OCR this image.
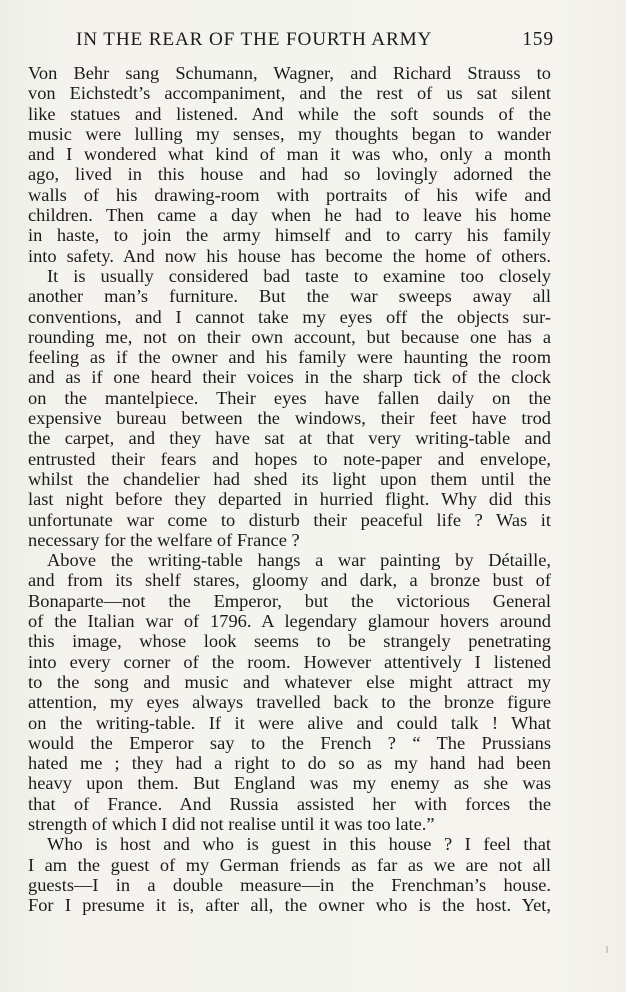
IN THE REAR OF THE FOURTH ARMY	159
Von Behr sang Schumann, Wagner, and Richard Strauss to
von Eichstedt’s accompaniment, and the rest of us sat silent
like statues and listened. And while the soft sounds of the
music were lulling my senses, my thoughts began to wander
and I wondered what kind of man it was who, only a month
ago, lived in this house and had so lovingly adorned the
walls of his drawing-room with portraits of his wife and
children. Then came a day when he had to leave his home
in haste, to join the army himself and to carry his family
into safety. And now his house has become the home of others.
It is usually considered bad taste to examine too closely
another man’s furniture. But the war sweeps away all
conventions, and I cannot take my eyes off the objects sur-
rounding me, not on their own account, but because one has a
feeling as if the owner and his family were haunting the room
and as if one heard their voices in the sharp tick of the clock
on the mantelpiece. Their eyes have fallen daily on the
expensive bureau between the windows, their feet have trod
the carpet, and they have sat at that very writing-table and
entrusted their fears and hopes to note-paper and envelope,
whilst the chandelier had shed its light upon them until the
last night before they departed in hurried flight. Why did this
unfortunate war come to disturb their peaceful life ? Was it
necessary for the welfare of France ?
Above the writing-table hangs a war painting by Détaille,
and from its shelf stares, gloomy and dark, a bronze bust of
Bonaparte—not the Emperor, but the victorious General
of the Italian war of 1796. A legendary glamour hovers around
this image, whose look seems to be strangely penetrating
into every corner of the room. However attentively I listened
to the song and music and whatever else might attract my
attention, my eyes always travelled back to the bronze figure
on the writing-table. If it were alive and could talk ! What
would the Emperor say to the French ? “ The Prussians
hated me ; they had a right to do so as my hand had been
heavy upon them. But England was my enemy as she was
that of France. And Russia assisted her with forces the
strength of which I did not realise until it was too late.”
Who is host and who is guest in this house ? I feel that
I am the guest of my German friends as far as we are not all
guests—I in a double measure—in the Frenchman’s house.
For I presume it is, after all, the owner who is the host. Yet,
